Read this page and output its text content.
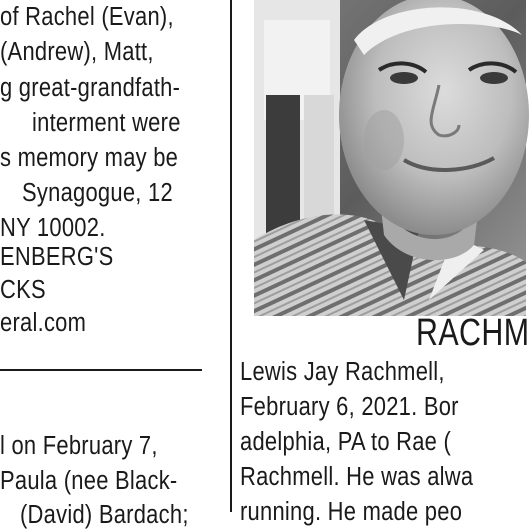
of Rachel (Evan),
(Andrew), Matt,
g great-grandfath-
interment were
s memory may be
Synagogue, 12
NY 10002.
ENBERG'S
CKS
eral.com
l on February 7,
Paula (nee Black-
(David) Bardach;
RACHM
Lewis Jay Rachmell,
February 6, 2021. Bor
adelphia, PA to Rae (
Rachmell. He was alwa
running. He made peo
